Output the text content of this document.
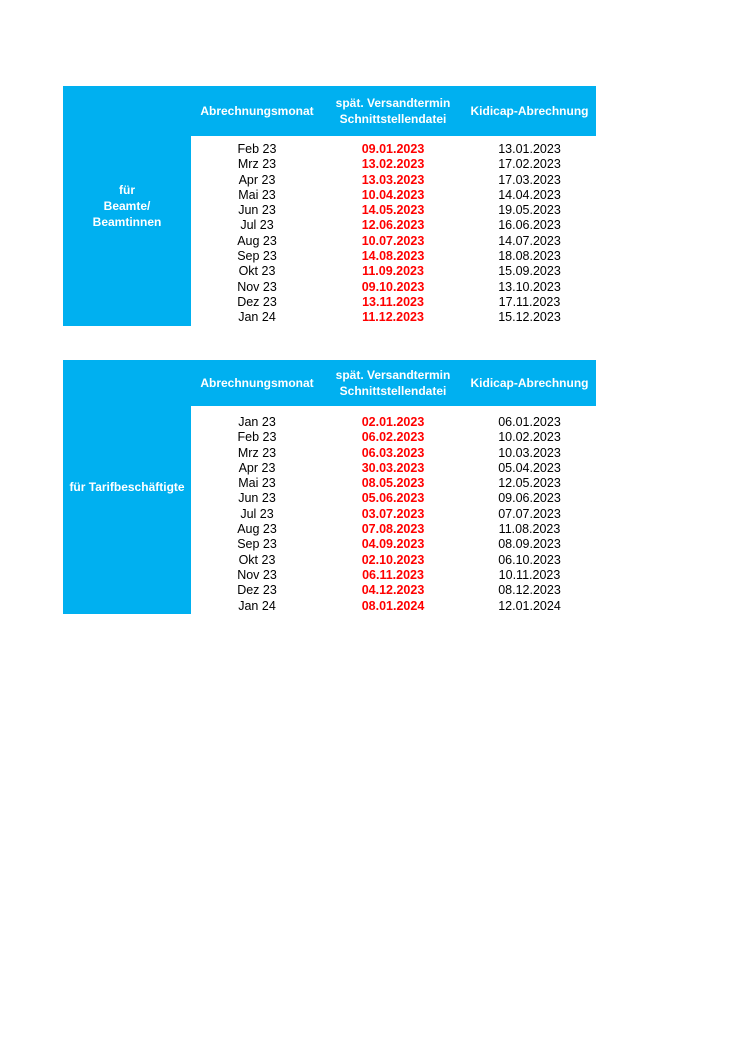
für
Beamte/
Beamtinnen
Abrechnungsmonat
spät. Versandtermin
Schnittstellendatei
Kidicap-Abrechnung
Feb 23	09.01.2023	13.01.2023
Mrz 23	13.02.2023	17.02.2023
Apr 23	13.03.2023	17.03.2023
Mai 23	10.04.2023	14.04.2023
Jun 23	14.05.2023	19.05.2023
Jul 23	12.06.2023	16.06.2023
Aug 23	10.07.2023	14.07.2023
Sep 23	14.08.2023	18.08.2023
Okt 23	11.09.2023	15.09.2023
Nov 23	09.10.2023	13.10.2023
Dez 23	13.11.2023	17.11.2023
Jan 24	11.12.2023	15.12.2023
für Tarifbeschäftigte
Abrechnungsmonat
spät. Versandtermin
Schnittstellendatei
Kidicap-Abrechnung
Jan 23	02.01.2023	06.01.2023
Feb 23	06.02.2023	10.02.2023
Mrz 23	06.03.2023	10.03.2023
Apr 23	30.03.2023	05.04.2023
Mai 23	08.05.2023	12.05.2023
Jun 23	05.06.2023	09.06.2023
Jul 23	03.07.2023	07.07.2023
Aug 23	07.08.2023	11.08.2023
Sep 23	04.09.2023	08.09.2023
Okt 23	02.10.2023	06.10.2023
Nov 23	06.11.2023	10.11.2023
Dez 23	04.12.2023	08.12.2023
Jan 24	08.01.2024	12.01.2024
